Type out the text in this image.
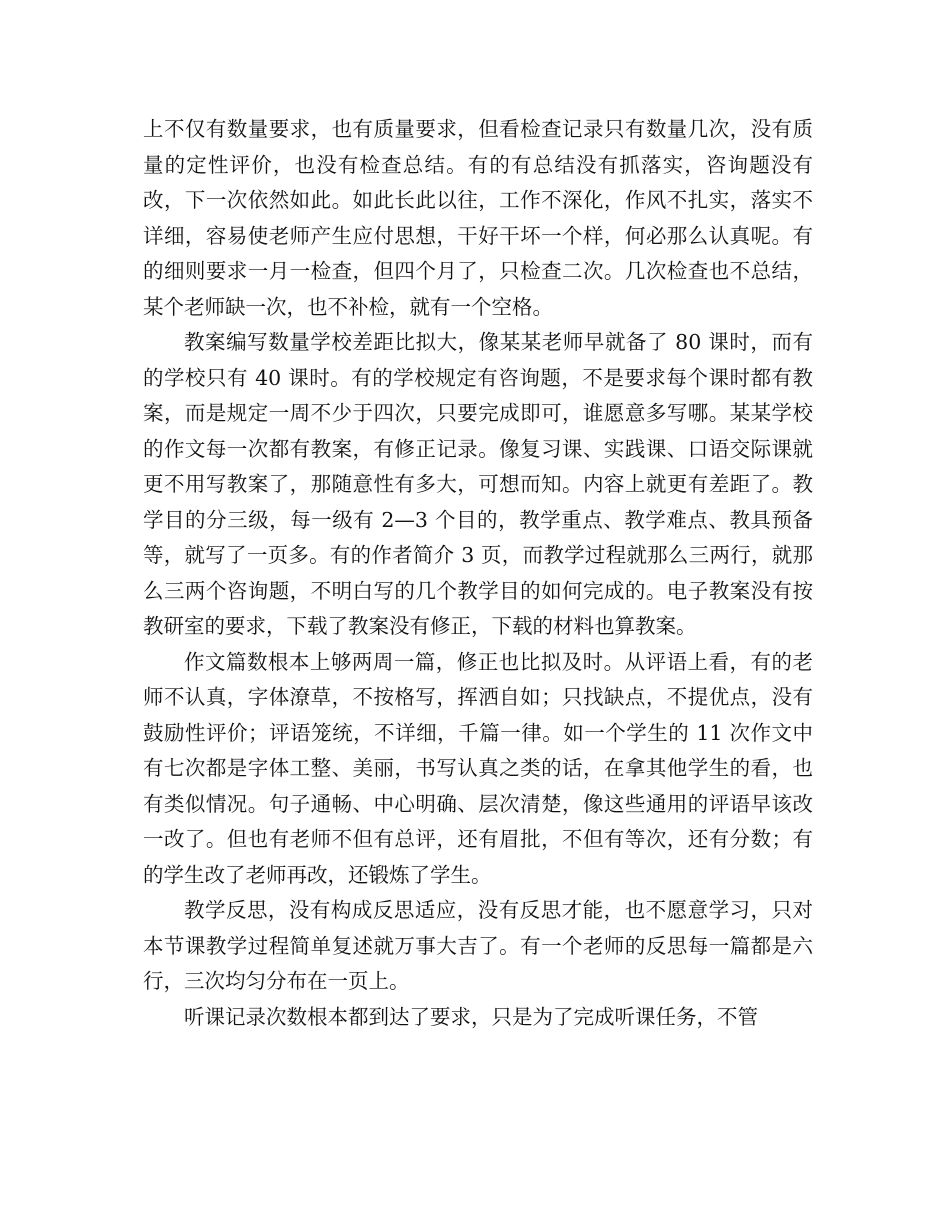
上不仅有数量要求，也有质量要求，但看检查记录只有数量几次，没有质量的定性评价，也没有检查总结。有的有总结没有抓落实，咨询题没有改，下一次依然如此。如此长此以往，工作不深化，作风不扎实，落实不详细，容易使老师产生应付思想，干好干坏一个样，何必那么认真呢。有的细则要求一月一检查，但四个月了，只检查二次。几次检查也不总结，某个老师缺一次，也不补检，就有一个空格。

教案编写数量学校差距比拟大，像某某老师早就备了 80 课时，而有的学校只有 40 课时。有的学校规定有咨询题，不是要求每个课时都有教案，而是规定一周不少于四次，只要完成即可，谁愿意多写哪。某某学校的作文每一次都有教案，有修正记录。像复习课、实践课、口语交际课就更不用写教案了，那随意性有多大，可想而知。内容上就更有差距了。教学目的分三级，每一级有 2—3 个目的，教学重点、教学难点、教具预备等，就写了一页多。有的作者简介 3 页，而教学过程就那么三两行，就那么三两个咨询题，不明白写的几个教学目的如何完成的。电子教案没有按教研室的要求，下载了教案没有修正，下载的材料也算教案。

作文篇数根本上够两周一篇，修正也比拟及时。从评语上看，有的老师不认真，字体潦草，不按格写，挥洒自如；只找缺点，不提优点，没有鼓励性评价；评语笼统，不详细，千篇一律。如一个学生的 11 次作文中有七次都是字体工整、美丽，书写认真之类的话，在拿其他学生的看，也有类似情况。句子通畅、中心明确、层次清楚，像这些通用的评语早该改一改了。但也有老师不但有总评，还有眉批，不但有等次，还有分数；有的学生改了老师再改，还锻炼了学生。

教学反思，没有构成反思适应，没有反思才能，也不愿意学习，只对本节课教学过程简单复述就万事大吉了。有一个老师的反思每一篇都是六行，三次均匀分布在一页上。

听课记录次数根本都到达了要求，只是为了完成听课任务，不管
